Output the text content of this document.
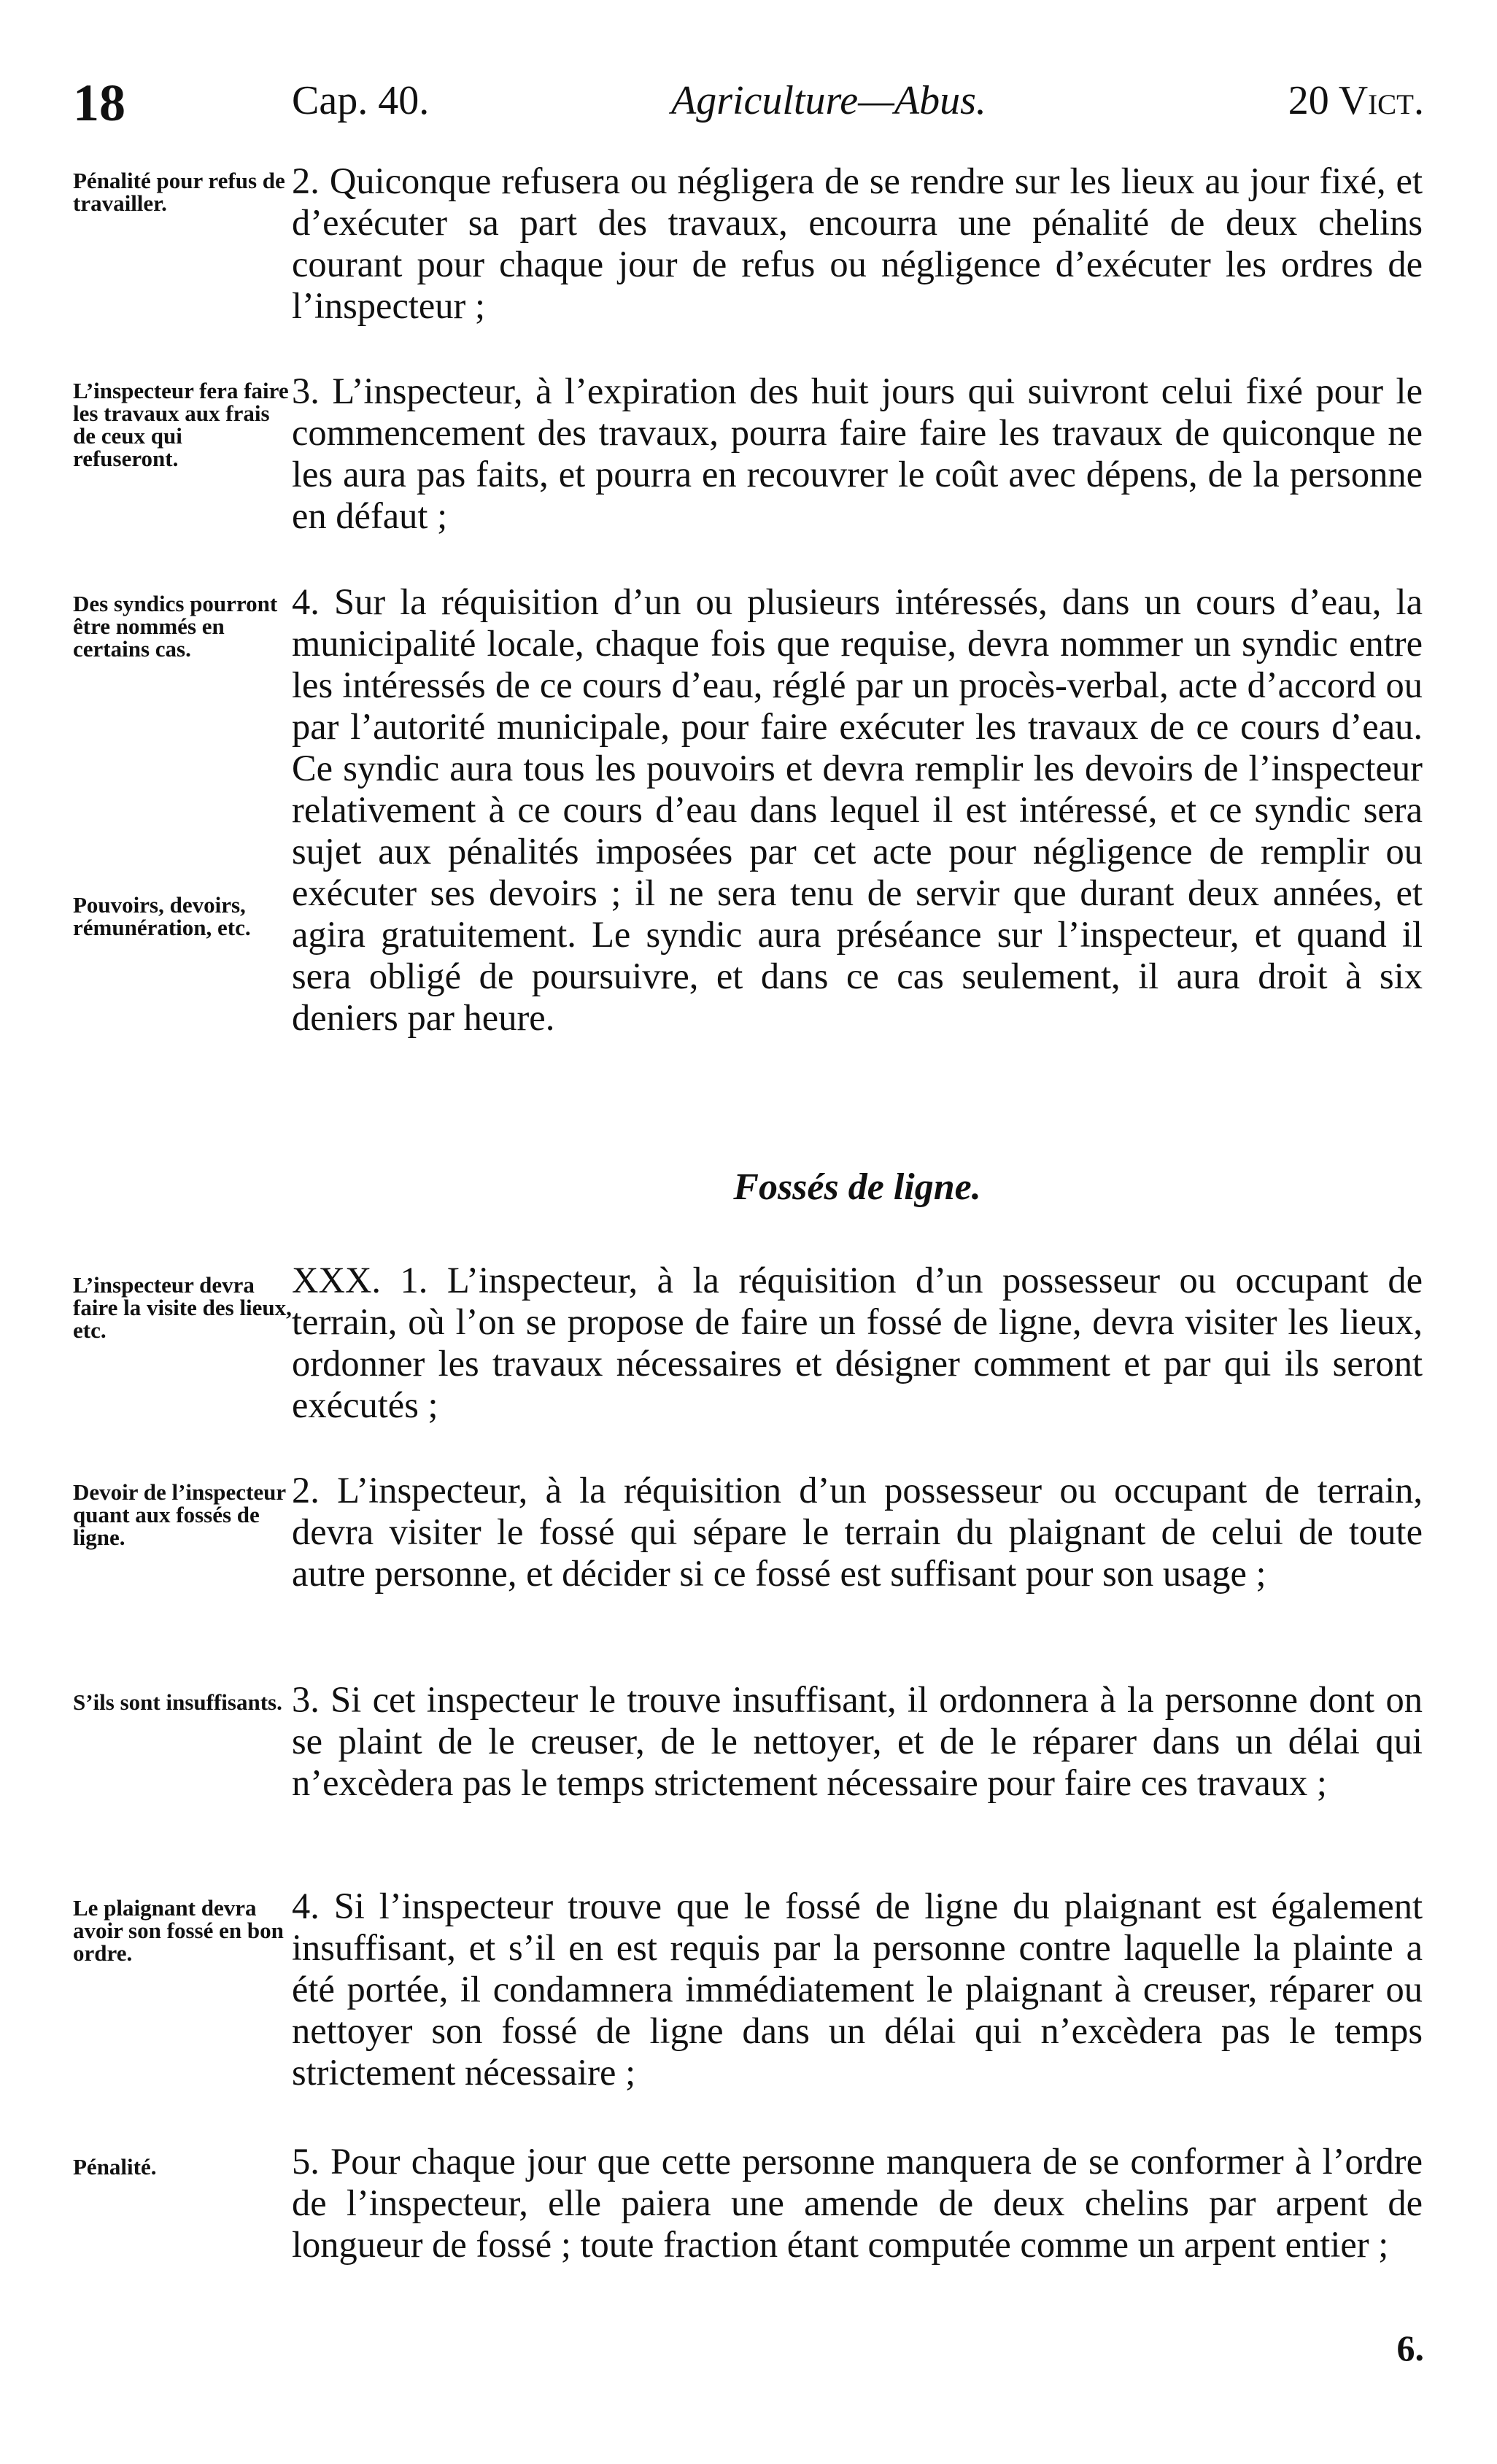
18	Cap. 40.	Agriculture—Abus.	20 Vict.
Pénalité pour refus de travailler.
2. Quiconque refusera ou négligera de se rendre sur les lieux au jour fixé, et d’exécuter sa part des travaux, encourra une pénalité de deux chelins courant pour chaque jour de refus ou négligence d’exécuter les ordres de l’inspecteur ;
L’inspecteur fera faire les travaux aux frais de ceux qui refuseront.
3. L’inspecteur, à l’expiration des huit jours qui suivront celui fixé pour le commencement des travaux, pourra faire faire les travaux de quiconque ne les aura pas faits, et pourra en recouvrer le coût avec dépens, de la personne en défaut ;
Des syndics pourront être nommés en certains cas.
Pouvoirs, devoirs, rémunération, etc.
4. Sur la réquisition d’un ou plusieurs intéressés, dans un cours d’eau, la municipalité locale, chaque fois que requise, devra nommer un syndic entre les intéressés de ce cours d’eau, réglé par un procès-verbal, acte d’accord ou par l’autorité municipale, pour faire exécuter les travaux de ce cours d’eau. Ce syndic aura tous les pouvoirs et devra remplir les devoirs de l’inspecteur relativement à ce cours d’eau dans lequel il est intéressé, et ce syndic sera sujet aux pénalités imposées par cet acte pour négligence de remplir ou exécuter ses devoirs ; il ne sera tenu de servir que durant deux années, et agira gratuitement. Le syndic aura préséance sur l’inspecteur, et quand il sera obligé de poursuivre, et dans ce cas seulement, il aura droit à six deniers par heure.
Fossés de ligne.
L’inspecteur devra faire la visite des lieux, etc.
XXX. 1. L’inspecteur, à la réquisition d’un possesseur ou occupant de terrain, où l’on se propose de faire un fossé de ligne, devra visiter les lieux, ordonner les travaux nécessaires et désigner comment et par qui ils seront exécutés ;
Devoir de l’inspecteur quant aux fossés de ligne.
2. L’inspecteur, à la réquisition d’un possesseur ou occupant de terrain, devra visiter le fossé qui sépare le terrain du plaignant de celui de toute autre personne, et décider si ce fossé est suffisant pour son usage ;
S’ils sont insuffisants. 3. Si cet inspecteur le trouve insuffisant, il ordonnera à la personne dont on se plaint de le creuser, de le nettoyer, et de le réparer dans un délai qui n’excèdera pas le temps strictement nécessaire pour faire ces travaux ;
Le plaignant devra avoir son fossé en bon ordre.
4. Si l’inspecteur trouve que le fossé de ligne du plaignant est également insuffisant, et s’il en est requis par la personne contre laquelle la plainte a été portée, il condamnera immédiatement le plaignant à creuser, réparer ou nettoyer son fossé de ligne dans un délai qui n’excèdera pas le temps strictement nécessaire ;
Pénalité.	5. Pour chaque jour que cette personne manquera de se conformer à l’ordre de l’inspecteur, elle paiera une amende de deux chelins par arpent de longueur de fossé ; toute fraction étant computée comme un arpent entier ;
6.
